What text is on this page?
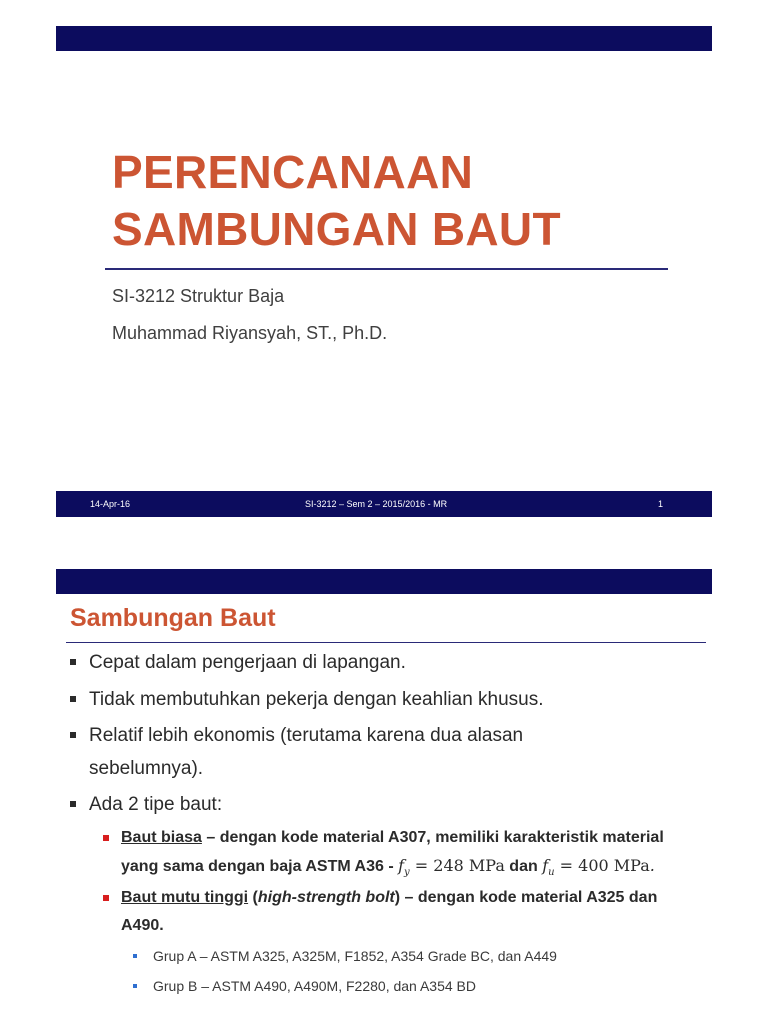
PERENCANAAN
SAMBUNGAN BAUT
SI-3212 Struktur Baja
Muhammad Riyansyah, ST., Ph.D.
14-Apr-16	SI-3212 – Sem 2 – 2015/2016 - MR	1
Sambungan Baut
Cepat dalam pengerjaan di lapangan.
Tidak membutuhkan pekerja dengan keahlian khusus.
Relatif lebih ekonomis (terutama karena dua alasan sebelumnya).
Ada 2 tipe baut:
Baut biasa – dengan kode material A307, memiliki karakteristik material yang sama dengan baja ASTM $A36 - f_y = 248$ MPa dan $f_u = 400$ MPa.
Baut mutu tinggi (high-strength bolt) – dengan kode material A325 dan A490.
Grup A – ASTM A325, A325M, F1852, A354 Grade BC, dan A449
Grup B – ASTM A490, A490M, F2280, dan A354 BD
